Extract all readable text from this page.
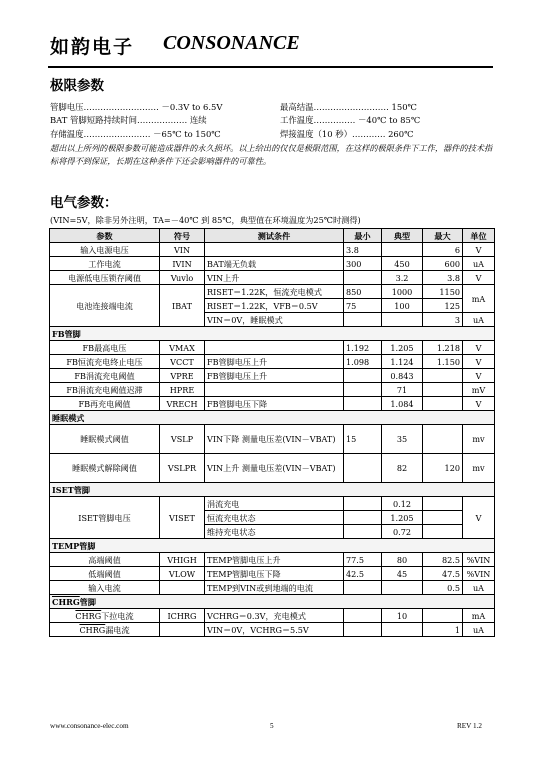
如韵电子 CONSONANCE
极限参数
管脚电压……………………… －0.3V to 6.5V	最高结温……………………… 150℃
BAT 管脚短路持续时间……………… 连续	工作温度…………… －40℃ to 85℃
存储温度…………………… －65℃ to 150℃	焊接温度（10 秒）………… 260℃
超出以上所列的极限参数可能造成器件的永久损坏。以上给出的仅仅是极限范围，在这样的极限条件下工作，器件的技术指标将得不到保证，长期在这种条件下还会影响器件的可靠性。
电气参数：
(VIN=5V，除非另外注明，TA=－40℃ 到 85℃，典型值在环境温度为25℃时测得)
参数	符号	测试条件	最小	典型	最大	单位
输入电源电压	VIN		3.8		6	V
工作电流	IVIN	BAT端无负载	300	450	600	uA
电源低电压锁存阈值	Vuvlo	VIN上升		3.2	3.8	V
电池连接端电流	IBAT	RISET＝1.22K，恒流充电模式	850	1000	1150	mA
		RISET＝1.22K，VFB＝0.5V	75	100	125	
		VIN＝0V，睡眠模式			3	uA
FB管脚						
FB最高电压	VMAX		1.192	1.205	1.218	V
FB恒流充电终止电压	VCCT	FB管脚电压上升	1.098	1.124	1.150	V
FB涓流充电阈值	VPRE	FB管脚电压上升		0.843		V
FB涓流充电阈值迟滞	HPRE			71		mV
FB再充电阈值	VRECH	FB管脚电压下降		1.084		V
睡眠模式						
睡眠模式阈值	VSLP	VIN下降 测量电压差(VIN－VBAT)	15	35		mv
睡眠模式解除阈值	VSLPR	VIN上升 测量电压差(VIN－VBAT)		82	120	mv
ISET管脚						
ISET管脚电压	VISET	涓流充电		0.12		V
		恒流充电状态		1.205		
		维持充电状态		0.72		
TEMP管脚						
高端阈值	VHIGH	TEMP管脚电压上升	77.5	80	82.5	%VIN
低端阈值	VLOW	TEMP管脚电压下降	42.5	45	47.5	%VIN
输入电流		TEMP到VIN或到地端的电流			0.5	uA
CHRG管脚						
CHRG下拉电流	ICHRG	VCHRG＝0.3V，充电模式		10		mA
CHRG漏电流		VIN＝0V，VCHRG＝5.5V			1	uA
www.consonance-elec.com	5	REV 1.2
